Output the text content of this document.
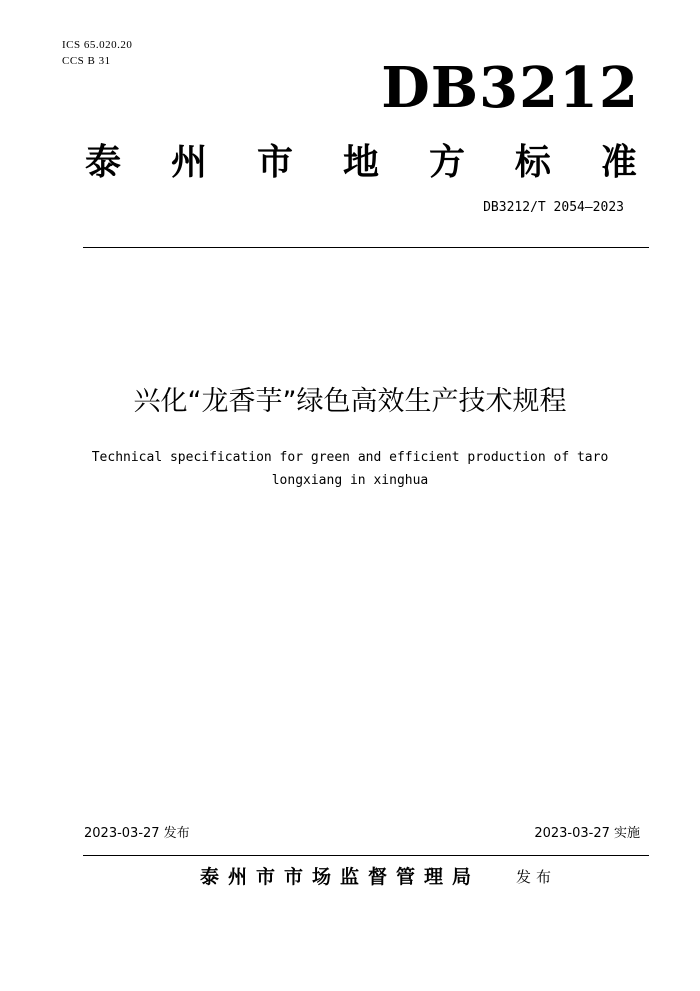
ICS 65.020.20
CCS B 31	DB3212
泰 州 市 地 方 标 准
DB3212/T 2054—2023
兴化“龙香芋”绿色高效生产技术规程
Technical specification for green and efficient production of taro
longxiang in xinghua
2023-03-27 发布	2023-03-27 实施
泰州市市场监督管理局 发布
